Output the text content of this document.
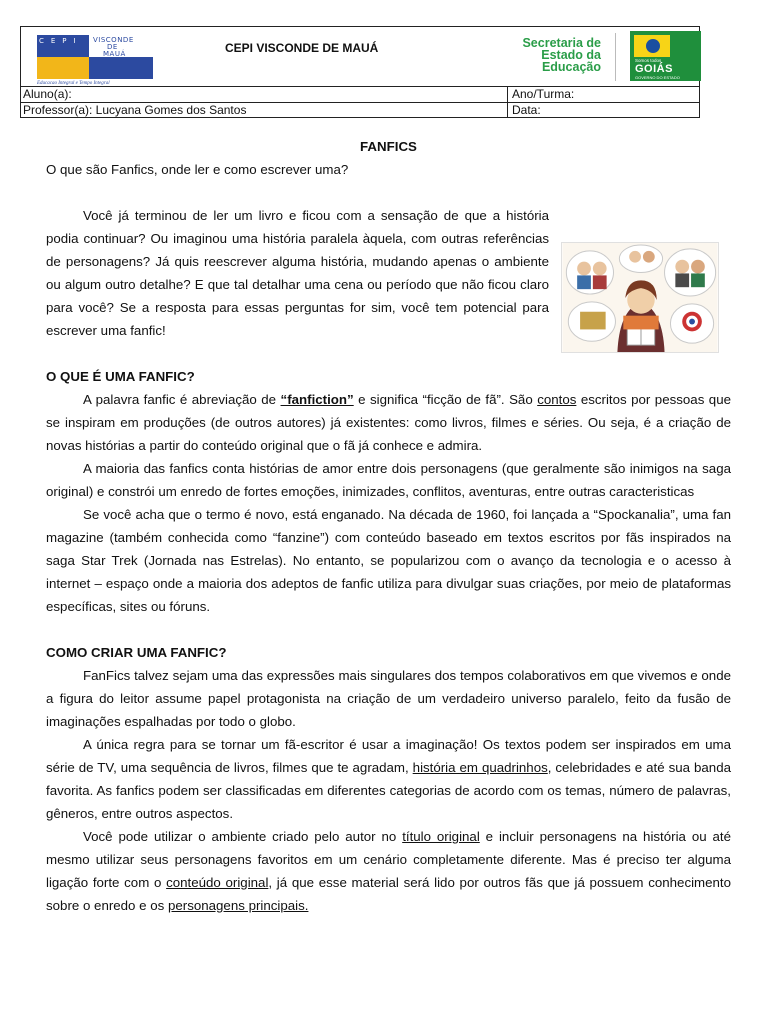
CEPI	VISCONDE
DE
MAUÁ
Educacao Integral e Tempo Integral
CEPI VISCONDE DE MAUÁ	Secretaria de
Estado da
Educação	Somos todos
GOIÁS
GOVERNO DO ESTADO
Aluno(a):	Ano/Turma:
Professor(a): Lucyana Gomes dos Santos	Data:
FANFICS
O que são Fanfics, onde ler e como escrever uma?

Você já terminou de ler um livro e ficou com a sensação de que a história podia continuar? Ou imaginou uma história paralela àquela, com outras referências de personagens? Já quis reescrever alguma história, mudando apenas o ambiente ou algum outro detalhe? E que tal detalhar uma cena ou período que não ficou claro para você? Se a resposta para essas perguntas for sim, você tem potencial para escrever uma fanfic!

O QUE É UMA FANFIC?

A palavra fanfic é abreviação de “fanfiction” e significa “ficção de fã”. São contos escritos por pessoas que se inspiram em produções (de outros autores) já existentes: como livros, filmes e séries. Ou seja, é a criação de novas histórias a partir do conteúdo original que o fã já conhece e admira.

A maioria das fanfics conta histórias de amor entre dois personagens (que geralmente são inimigos na saga original) e constrói um enredo de fortes emoções, inimizades, conflitos, aventuras, entre outras caracteristicas

Se você acha que o termo é novo, está enganado. Na década de 1960, foi lançada a “Spockanalia”, uma fan magazine (também conhecida como “fanzine”) com conteúdo baseado em textos escritos por fãs inspirados na saga Star Trek (Jornada nas Estrelas). No entanto, se popularizou com o avanço da tecnologia e o acesso à internet – espaço onde a maioria dos adeptos de fanfic utiliza para divulgar suas criações, por meio de plataformas específicas, sites ou fóruns.

COMO CRIAR UMA FANFIC?

FanFics talvez sejam uma das expressões mais singulares dos tempos colaborativos em que vivemos e onde a figura do leitor assume papel protagonista na criação de um verdadeiro universo paralelo, feito da fusão de imaginações espalhadas por todo o globo.

A única regra para se tornar um fã-escritor é usar a imaginação! Os textos podem ser inspirados em uma série de TV, uma sequência de livros, filmes que te agradam, história em quadrinhos, celebridades e até sua banda favorita. As fanfics podem ser classificadas em diferentes categorias de acordo com os temas, número de palavras, gêneros, entre outros aspectos.

Você pode utilizar o ambiente criado pelo autor no título original e incluir personagens na história ou até mesmo utilizar seus personagens favoritos em um cenário completamente diferente. Mas é preciso ter alguma ligação forte com o conteúdo original, já que esse material será lido por outros fãs que já possuem conhecimento sobre o enredo e os personagens principais.
